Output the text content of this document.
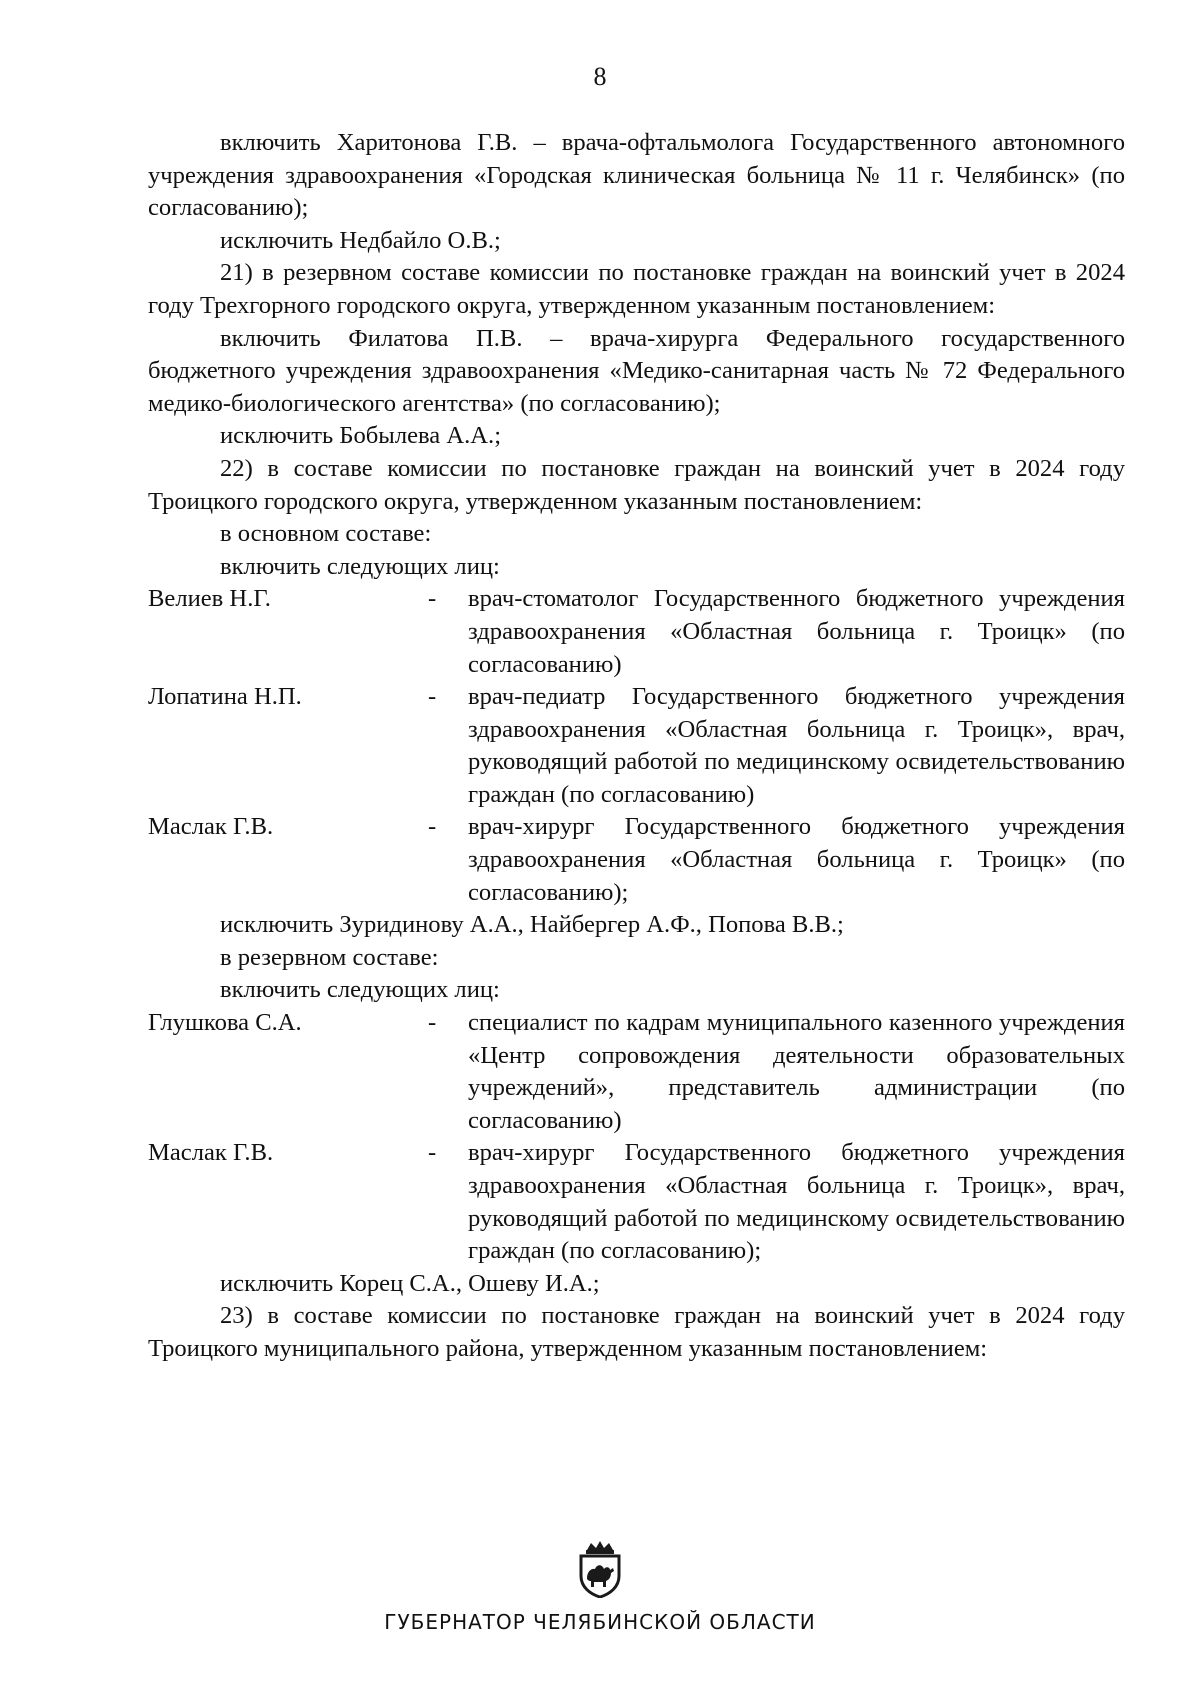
8

включить Харитонова Г.В. – врача-офтальмолога Государственного автономного учреждения здравоохранения «Городская клиническая больница № 11 г. Челябинск» (по согласованию);

исключить Недбайло О.В.;

21) в резервном составе комиссии по постановке граждан на воинский учет в 2024 году Трехгорного городского округа, утвержденном указанным постановлением:

включить Филатова П.В. – врача-хирурга Федерального государственного бюджетного учреждения здравоохранения «Медико-санитарная часть № 72 Федерального медико-биологического агентства» (по согласованию);

исключить Бобылева А.А.;

22) в составе комиссии по постановке граждан на воинский учет в 2024 году Троицкого городского округа, утвержденном указанным постановлением:

в основном составе:

включить следующих лиц:

Велиев Н.Г.	-	врач-стоматолог Государственного бюджетного учреждения здравоохранения «Областная больница г. Троицк» (по согласованию)
Лопатина Н.П.	-	врач-педиатр Государственного бюджетного учреждения здравоохранения «Областная больница г. Троицк», врач, руководящий работой по медицинскому освидетельствованию граждан (по согласованию)
Маслак Г.В.	-	врач-хирург Государственного бюджетного учреждения здравоохранения «Областная больница г. Троицк» (по согласованию);

исключить Зуридинову А.А., Найбергер А.Ф., Попова В.В.;

в резервном составе:

включить следующих лиц:

Глушкова С.А.	-	специалист по кадрам муниципального казенного учреждения «Центр сопровождения деятельности образовательных учреждений», представитель администрации (по согласованию)
Маслак Г.В.	-	врач-хирург Государственного бюджетного учреждения здравоохранения «Областная больница г. Троицк», врач, руководящий работой по медицинскому освидетельствованию граждан (по согласованию);

исключить Корец С.А., Ошеву И.А.;

23) в составе комиссии по постановке граждан на воинский учет в 2024 году Троицкого муниципального района, утвержденном указанным постановлением:

ГУБЕРНАТОР ЧЕЛЯБИНСКОЙ ОБЛАСТИ
